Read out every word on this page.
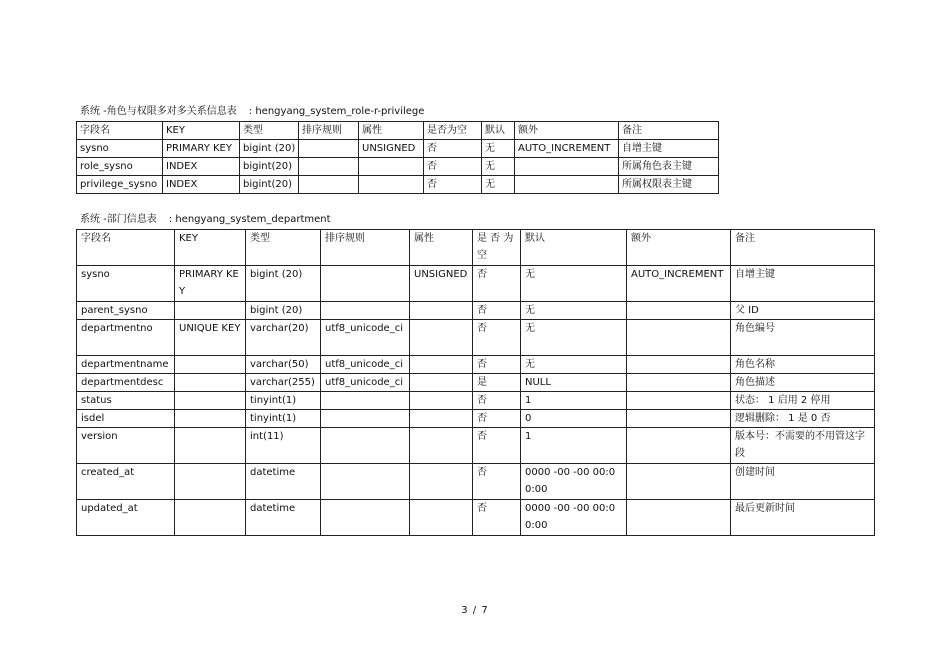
系统 -角色与权限多对多关系信息表 : hengyang_system_role-r-privilege
字段名	KEY	类型	排序规则	属性	是否为空	默认	额外	备注
sysno	PRIMARY KEY	bigint (20)		UNSIGNED	否	无	AUTO_INCREMENT	自增主键
role_sysno	INDEX	bigint(20)			否	无		所属角色表主键
privilege_sysno	INDEX	bigint(20)			否	无		所属权限表主键
系统 -部门信息表 : hengyang_system_department
字段名	KEY	类型	排序规则	属性	是 否 为 空	默认	额外	备注
sysno	PRIMARY KEY	bigint (20)		UNSIGNED	否	无	AUTO_INCREMENT	自增主键
parent_sysno		bigint (20)			否	无		父 ID
departmentno	UNIQUE KEY	varchar(20)	utf8_unicode_ci		否	无		角色编号
departmentname		varchar(50)	utf8_unicode_ci		否	无		角色名称
departmentdesc		varchar(255)	utf8_unicode_ci		是	NULL		角色描述
status		tinyint(1)			否	1		状态： 1 启用 2 停用
isdel		tinyint(1)			否	0		逻辑删除： 1 是 0 否
version		int(11)			否	1		版本号：不需要的不用管这字段
created_at		datetime			否	0000 -00 -00 00:00:00		创建时间
updated_at		datetime			否	0000 -00 -00 00:00:00		最后更新时间
3 / 7
